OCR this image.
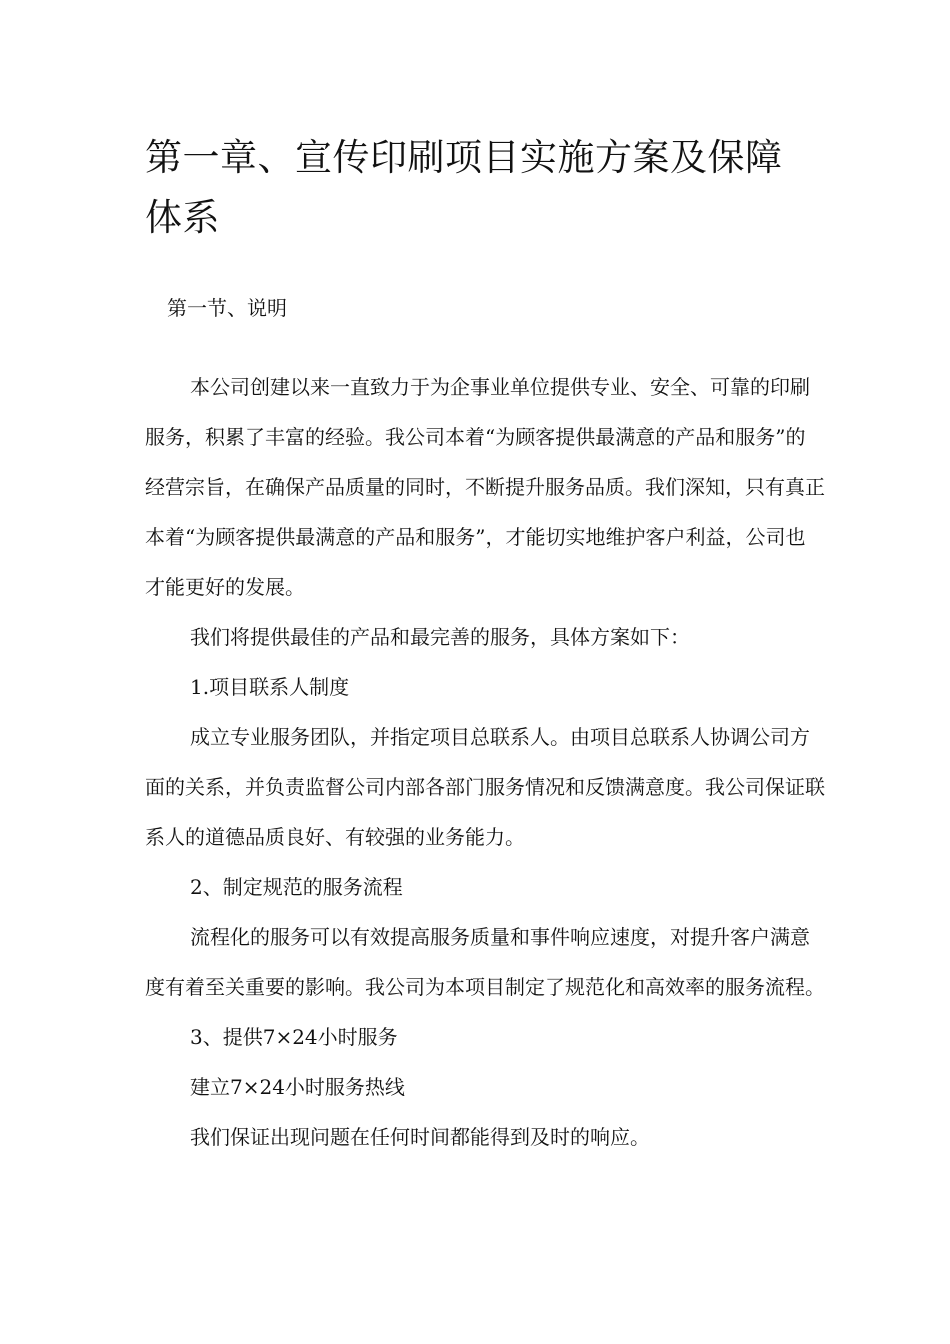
第一章、宣传印刷项目实施方案及保障体系
第一节、说明

本公司创建以来一直致力于为企事业单位提供专业、安全、可靠的印刷服务，积累了丰富的经验。我公司本着“为顾客提供最满意的产品和服务”的经营宗旨，在确保产品质量的同时，不断提升服务品质。我们深知，只有真正本着“为顾客提供最满意的产品和服务”，才能切实地维护客户利益，公司也才能更好的发展。

我们将提供最佳的产品和最完善的服务，具体方案如下：

1.项目联系人制度

成立专业服务团队，并指定项目总联系人。由项目总联系人协调公司方面的关系，并负责监督公司内部各部门服务情况和反馈满意度。我公司保证联系人的道德品质良好、有较强的业务能力。

2、制定规范的服务流程

流程化的服务可以有效提高服务质量和事件响应速度，对提升客户满意度有着至关重要的影响。我公司为本项目制定了规范化和高效率的服务流程。

3、提供7×24小时服务

建立7×24小时服务热线

我们保证出现问题在任何时间都能得到及时的响应。
